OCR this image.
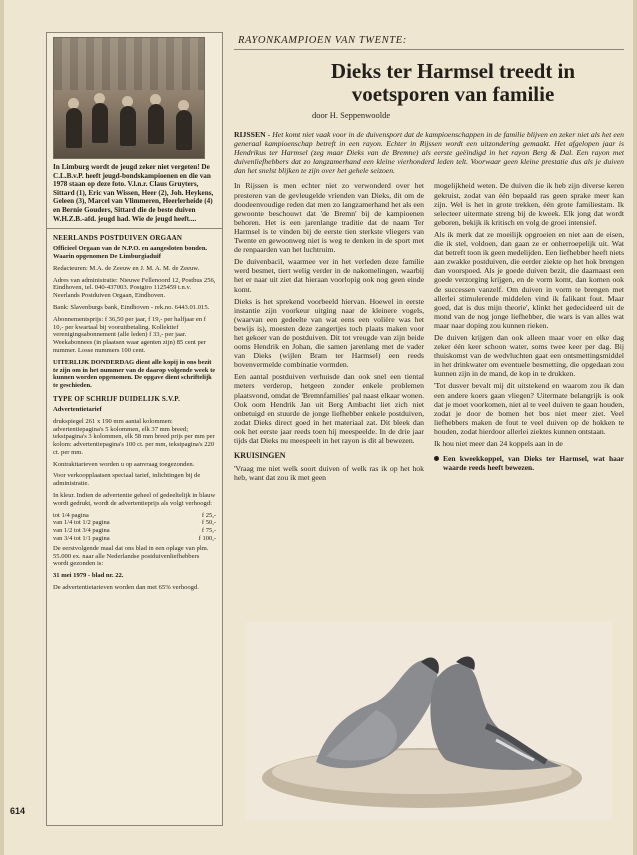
In Limburg wordt de jeugd zeker niet vergeten! De C.L.B.v.P. heeft jeugd-bondskampioenen en die van 1978 staan op deze foto. V.l.n.r. Claus Gruyters, Sittard (1), Eric van Wissen, Heer (2), Joh. Heykens, Geleen (3), Marcel van Vlimmeren, Heerlerheide (4) en Bernie Gouders, Sittard die de beste duiven W.H.Z.B.-afd. jeugd had. Wie de jeugd heeft....
NEERLANDS POSTDUIVEN ORGAAN

Officieel Orgaan van de N.P.O. en aangesloten bonden. Waarin opgenomen De Limburgiaduif

Redacteuren: M.A. de Zeeuw en J. M. A. M. de Zeeuw.

Adres van administratie: Nieuwe Fellenoord 12, Postbus 256, Eindhoven, tel. 040-437003. Postgiro 1125459 t.n.v. Neerlands Postduiven Orgaan, Eindhoven.

Bank: Slavenburgs bank, Eindhoven - rek.no. 6443.01.015.

Abonnementsprijs: f 36,50 per jaar, f 19,- per halfjaar en f 10,- per kwartaal bij vooruitbetaling. Kollektief verenigingsabonnement (alle leden) f 33,- per jaar. Weekabonnees (in plaatsen waar agenten zijn) 85 cent per nummer. Losse nummers 100 cent.

UITERLIJK DONDERDAG dient alle kopij in ons bezit te zijn om in het nummer van de daarop volgende week te kunnen worden opgenomen. De opgave dient schriftelijk te geschieden.

TYPE OF SCHRIJF DUIDELIJK S.V.P.

Advertentietarief

drukspiegel 261 x 190 mm aantal kolommen: advertentiepagina's 5 kolommen, elk 37 mm breed; tekstpagina's 3 kolommen, elk 58 mm breed prijs per mm per kolom: advertentiepagina's 100 ct. per mm, tekstpagina's 220 ct. per mm.

Kontrakttarieven worden u op aanvraag toegezonden.

Voor verkoopplaatsen speciaal tarief, inlichtingen bij de administratie.

In kleur. Indien de advertentie geheel of gedeeltelijk in blauw wordt gedrukt, wordt de advertentieprijs als volgt verhoogd:

tot 1/4 pagina	f 25,-
van 1/4 tot 1/2 pagina	f 50,-
van 1/2 tot 3/4 pagina	f 75,-
van 3/4 tot 1/1 pagina	f 100,-

De eerstvolgende maal dat ons blad in een oplage van plm. 55.000 ex. naar alle Nederlandse postduivenliefhebbers wordt gezonden is:

31 mei 1979 - blad nr. 22.

De advertentietarieven worden dan met 65% verhoogd.

614
RAYONKAMPIOEN VAN TWENTE:
Dieks ter Harmsel treedt in voetsporen van familie
door H. Seppenwoolde
RIJSSEN - Het komt niet vaak voor in de duivensport dat de kampioenschappen in de familie blijven en zeker niet als het een generaal kampioenschap betreft in een rayon. Echter in Rijssen wordt een uitzondering gemaakt. Het afgelopen jaar is Hendrikus ter Harmsel (zeg maar Dieks van de Bremne) als eerste geëindigd in het rayon Berg & Dal. Een rayon met duivenliefhebbers dat zo langzamerhand een kleine vierhonderd leden telt. Voorwaar geen kleine prestatie dus als je duiven dan het snelst blijken te zijn over het gehele seizoen.

In Rijssen is men echter niet zo verwonderd over het presteren van de gevleugelde vrienden van Dieks, dit om de doodeenvoudige reden dat men zo langzamerhand het als een gewoonte beschouwt dat 'de Bremn' bij de kampioenen behoren. Het is een jarenlange traditie dat de naam Ter Harmsel is te vinden bij de eerste tien sterkste vliegers van Twente en gewoonweg niet is weg te denken in de sport met de renpaarden van het luchtruim.

De duivenbacil, waarmee ver in het verleden deze familie werd besmet, tiert welig verder in de nakomelingen, waarbij het er naar uit ziet dat hieraan voorlopig ook nog geen einde komt.

Dieks is het sprekend voorbeeld hiervan. Hoewel in eerste instantie zijn voorkeur uitging naar de kleinere vogels, (waarvan een gedeelte van wat eens een volière was het bewijs is), moesten deze zangertjes toch plaats maken voor het gekoer van de postduiven. Dit tot vreugde van zijn beide ooms Hendrik en Johan, die samen jarenlang met de vader van Dieks (wijlen Bram ter Harmsel) een reeds bovenvermelde combinatie vormden.

Een aantal postduiven verhuisde dan ook snel een tiental meters verderop, hetgeen zonder enkele problemen plaatsvond, omdat de 'Bremnfamilies' pal naast elkaar wonen. Ook oom Hendrik Jan uit Berg Ambacht liet zich niet onbetuigd en stuurde de jonge liefhebber enkele postduiven, zodat Dieks direct goed in het materiaal zat. Dit bleek dan ook het eerste jaar reeds toen hij meespeelde. In de drie jaar tijds dat Dieks nu meespeelt in het rayon is dit al bewezen.

KRUISINGEN

'Vraag me niet welk soort duiven of welk ras ik op het hok heb, want dat zou ik met geen

mogelijkheid weten. De duiven die ik heb zijn diverse keren gekruist, zodat van één bepaald ras geen sprake meer kan zijn. Wel is het in grote trekken, één grote familiestam. Ik selecteer uitermate streng bij de kweek. Elk jong dat wordt geboren, bekijk ik kritisch en volg de groei intensief.

Als ik merk dat ze moeilijk opgroeien en niet aan de eisen, die ik stel, voldoen, dan gaan ze er onherroepelijk uit. Wat dat betreft toon ik geen medelijden. Een liefhebber heeft niets aan zwakke postduiven, die eerder ziekte op het hok brengen dan voorspoed. Als je goede duiven bezit, die daarnaast een goede verzorging krijgen, en de vorm komt, dan komen ook de successen vanzelf. Om duiven in vorm te brengen met allerlei stimulerende middelen vind ik falikant fout. Maar goed, dat is dus mijn theorie', klinkt het gedecideerd uit de mond van de nog jonge liefhebber, die wars is van alles wat maar naar doping zou kunnen rieken.

De duiven krijgen dan ook alleen maar voer en elke dag zeker één keer schoon water, soms twee keer per dag. Bij thuiskomst van de wedvluchten gaat een ontsmettingsmiddel in het drinkwater om eventuele besmetting, die opgedaan zou kunnen zijn in de mand, de kop in te drukken.

'Tot dusver bevalt mij dit uitstekend en waarom zou ik dan een andere koers gaan vliegen? Uitermate belangrijk is ook dat je moet voorkomen, niet al te veel duiven te gaan houden, zodat je door de bomen het bos niet meer ziet. Veel liefhebbers maken de fout te veel duiven op de hokken te houden, zodat hierdoor allerlei ziektes kunnen ontstaan.

Ik hou niet meer dan 24 koppels aan in de

Een kweekkoppel, van Dieks ter Harmsel, wat haar waarde reeds heeft bewezen.
